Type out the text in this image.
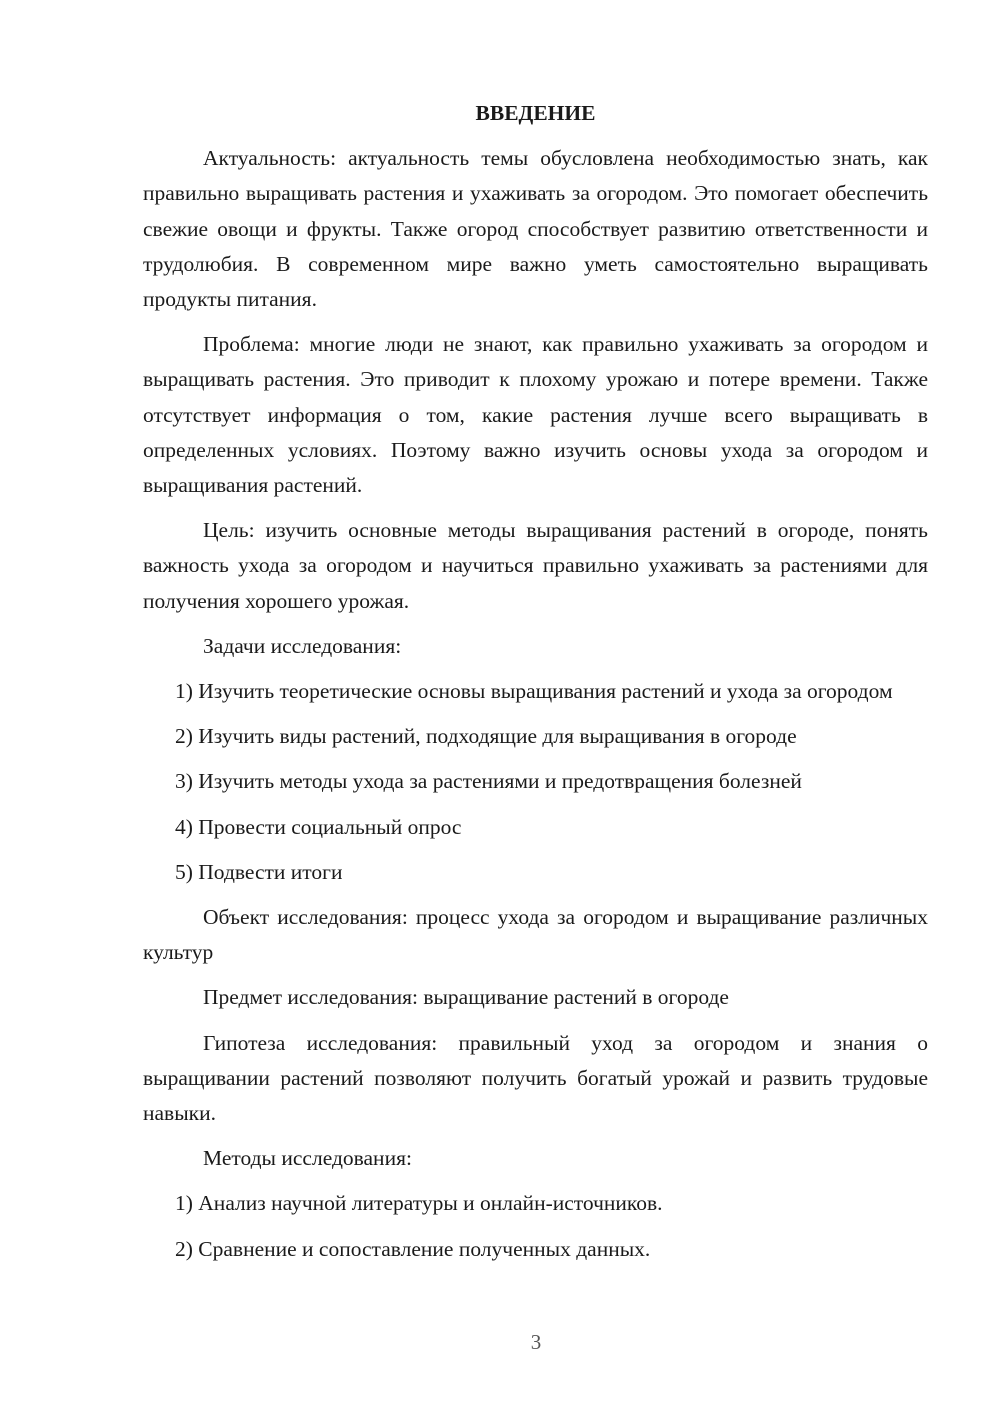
ВВЕДЕНИЕ

Актуальность: актуальность темы обусловлена необходимостью знать, как правильно выращивать растения и ухаживать за огородом. Это помогает обеспечить свежие овощи и фрукты. Также огород способствует развитию ответственности и трудолюбия. В современном мире важно уметь самостоятельно выращивать продукты питания.

Проблема: многие люди не знают, как правильно ухаживать за огородом и выращивать растения. Это приводит к плохому урожаю и потере времени. Также отсутствует информация о том, какие растения лучше всего выращивать в определенных условиях. Поэтому важно изучить основы ухода за огородом и выращивания растений.

Цель: изучить основные методы выращивания растений в огороде, понять важность ухода за огородом и научиться правильно ухаживать за растениями для получения хорошего урожая.

Задачи исследования:

1) Изучить теоретические основы выращивания растений и ухода за огородом

2) Изучить виды растений, подходящие для выращивания в огороде

3) Изучить методы ухода за растениями и предотвращения болезней

4) Провести социальный опрос

5) Подвести итоги

Объект исследования: процесс ухода за огородом и выращивание различных культур

Предмет исследования: выращивание растений в огороде

Гипотеза исследования: правильный уход за огородом и знания о выращивании растений позволяют получить богатый урожай и развить трудовые навыки.

Методы исследования:

1) Анализ научной литературы и онлайн-источников.

2) Сравнение и сопоставление полученных данных.

3
